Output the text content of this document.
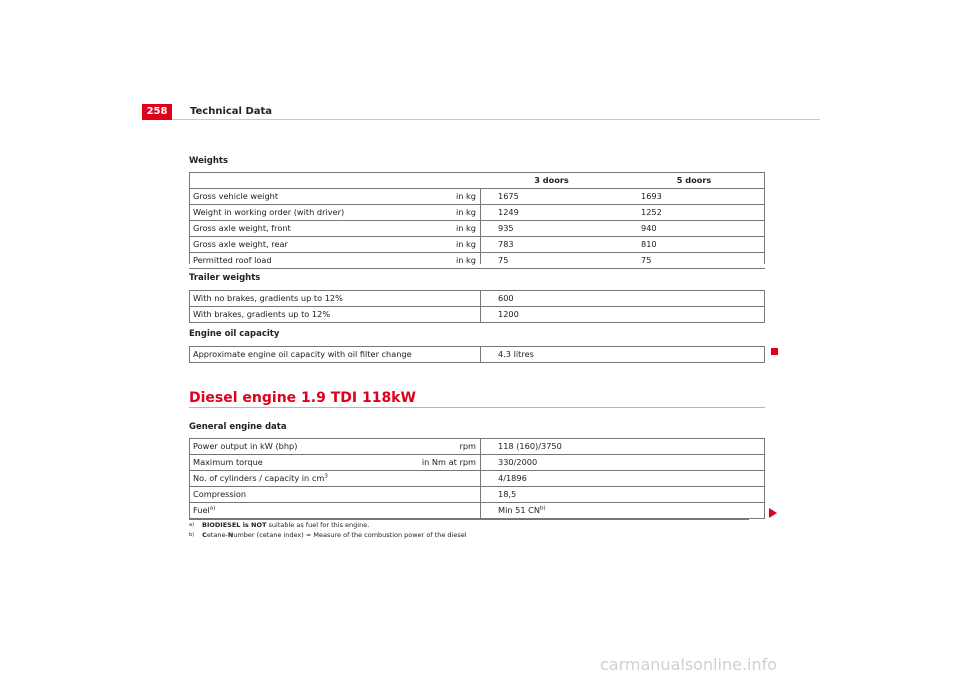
258	Technical Data
Weights
	3 doors	5 doors

Gross vehicle weight in kg	1675	1693

Weight in working order (with driver) in kg	1249	1252

Gross axle weight, front in kg	935	940

Gross axle weight, rear in kg	783	810

Permitted roof load in kg	75	75
Trailer weights
With no brakes, gradients up to 12%	600
With brakes, gradients up to 12%	1200
Engine oil capacity
Approximate engine oil capacity with oil filter change	4.3 litres
Diesel engine 1.9 TDI 118kW
General engine data
Power output in kW (bhp) rpm	118 (160)/3750

Maximum torque in Nm at rpm	330/2000
No. of cylinders / capacity in $cm^3$	4/1896
Compression	18,5
Fuel$^{a)}$	Min 51 CN$^{b)}$
$^{a)}$ BIODIESEL is NOT suitable as fuel for this engine.
$^{b)}$ Cetane-Number (cetane index) = Measure of the combustion power of the diesel
carmanualsonline.info
